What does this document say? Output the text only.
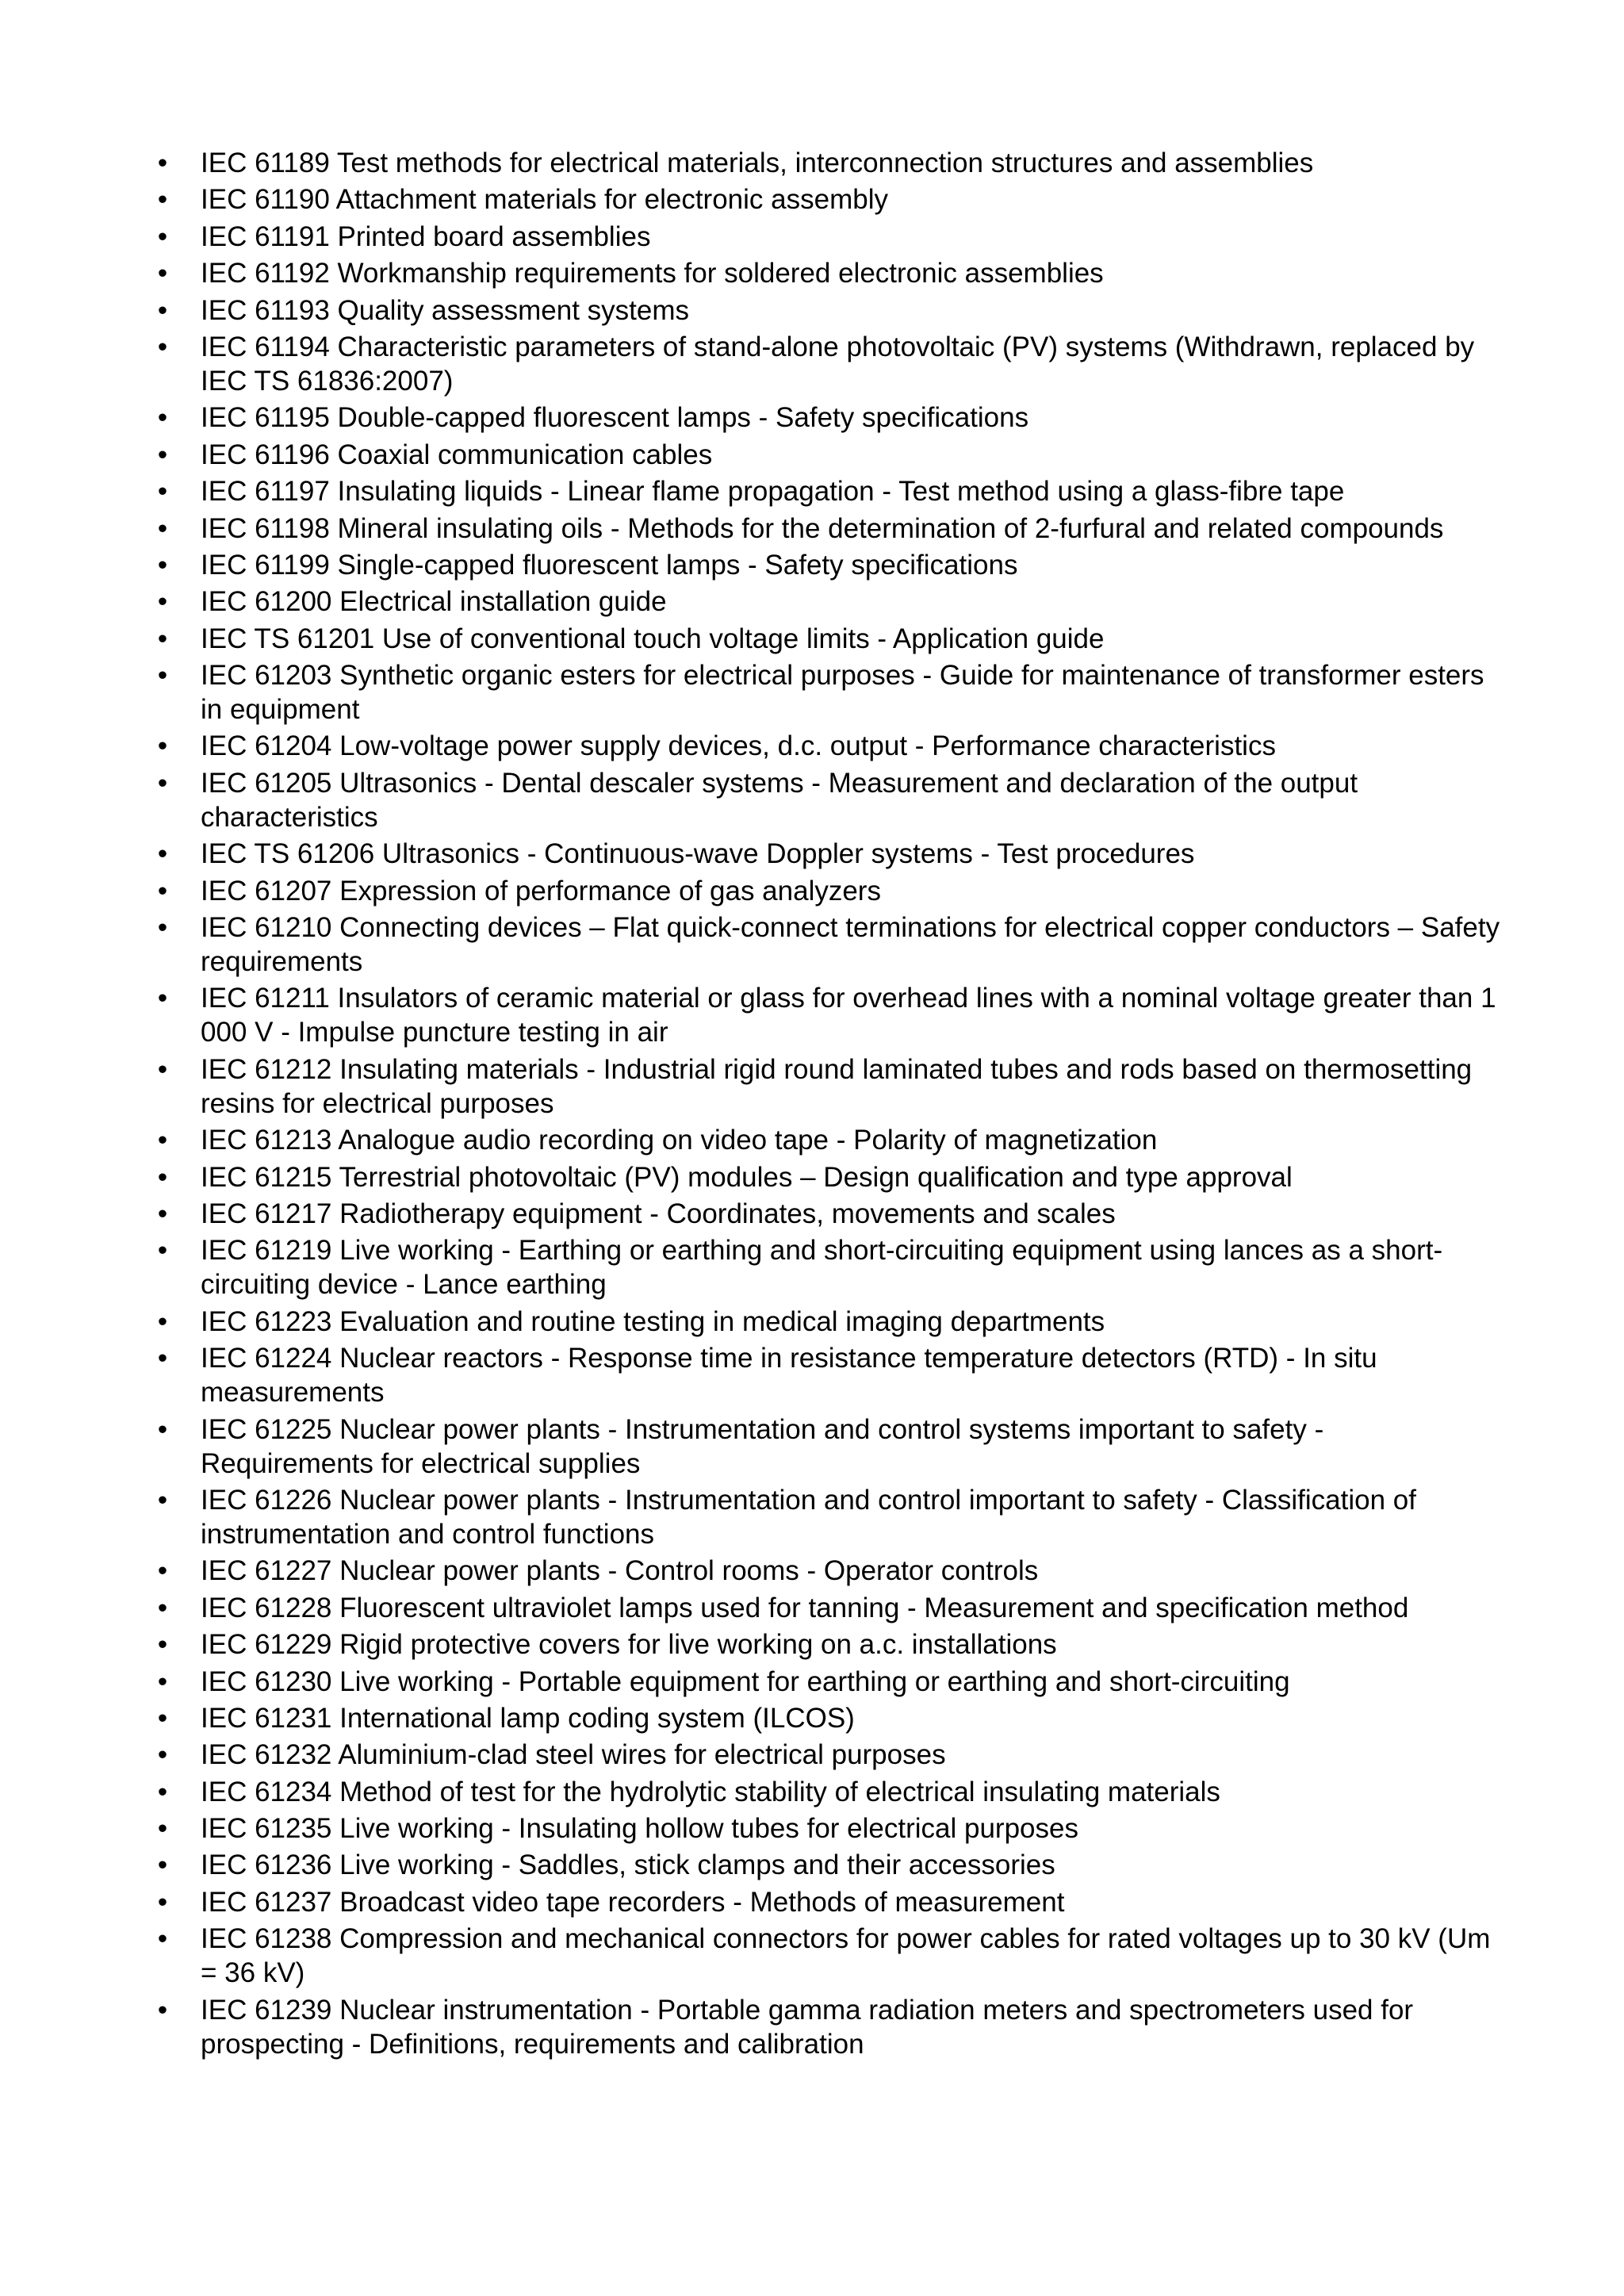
• IEC 61189 Test methods for electrical materials, interconnection structures and assemblies
• IEC 61190 Attachment materials for electronic assembly
• IEC 61191 Printed board assemblies
• IEC 61192 Workmanship requirements for soldered electronic assemblies
• IEC 61193 Quality assessment systems
• IEC 61194 Characteristic parameters of stand-alone photovoltaic (PV) systems (Withdrawn, replaced by IEC TS 61836:2007)
• IEC 61195 Double-capped fluorescent lamps - Safety specifications
• IEC 61196 Coaxial communication cables
• IEC 61197 Insulating liquids - Linear flame propagation - Test method using a glass-fibre tape
• IEC 61198 Mineral insulating oils - Methods for the determination of 2-furfural and related compounds
• IEC 61199 Single-capped fluorescent lamps - Safety specifications
• IEC 61200 Electrical installation guide
• IEC TS 61201 Use of conventional touch voltage limits - Application guide
• IEC 61203 Synthetic organic esters for electrical purposes - Guide for maintenance of transformer esters in equipment
• IEC 61204 Low-voltage power supply devices, d.c. output - Performance characteristics
• IEC 61205 Ultrasonics - Dental descaler systems - Measurement and declaration of the output characteristics
• IEC TS 61206 Ultrasonics - Continuous-wave Doppler systems - Test procedures
• IEC 61207 Expression of performance of gas analyzers
• IEC 61210 Connecting devices – Flat quick-connect terminations for electrical copper conductors – Safety requirements
• IEC 61211 Insulators of ceramic material or glass for overhead lines with a nominal voltage greater than 1 000 V - Impulse puncture testing in air
• IEC 61212 Insulating materials - Industrial rigid round laminated tubes and rods based on thermosetting resins for electrical purposes
• IEC 61213 Analogue audio recording on video tape - Polarity of magnetization
• IEC 61215 Terrestrial photovoltaic (PV) modules – Design qualification and type approval
• IEC 61217 Radiotherapy equipment - Coordinates, movements and scales
• IEC 61219 Live working - Earthing or earthing and short-circuiting equipment using lances as a short-circuiting device - Lance earthing
• IEC 61223 Evaluation and routine testing in medical imaging departments
• IEC 61224 Nuclear reactors - Response time in resistance temperature detectors (RTD) - In situ measurements
• IEC 61225 Nuclear power plants - Instrumentation and control systems important to safety - Requirements for electrical supplies
• IEC 61226 Nuclear power plants - Instrumentation and control important to safety - Classification of instrumentation and control functions
• IEC 61227 Nuclear power plants - Control rooms - Operator controls
• IEC 61228 Fluorescent ultraviolet lamps used for tanning - Measurement and specification method
• IEC 61229 Rigid protective covers for live working on a.c. installations
• IEC 61230 Live working - Portable equipment for earthing or earthing and short-circuiting
• IEC 61231 International lamp coding system (ILCOS)
• IEC 61232 Aluminium-clad steel wires for electrical purposes
• IEC 61234 Method of test for the hydrolytic stability of electrical insulating materials
• IEC 61235 Live working - Insulating hollow tubes for electrical purposes
• IEC 61236 Live working - Saddles, stick clamps and their accessories
• IEC 61237 Broadcast video tape recorders - Methods of measurement
• IEC 61238 Compression and mechanical connectors for power cables for rated voltages up to 30 kV (Um = 36 kV)
• IEC 61239 Nuclear instrumentation - Portable gamma radiation meters and spectrometers used for prospecting - Definitions, requirements and calibration
